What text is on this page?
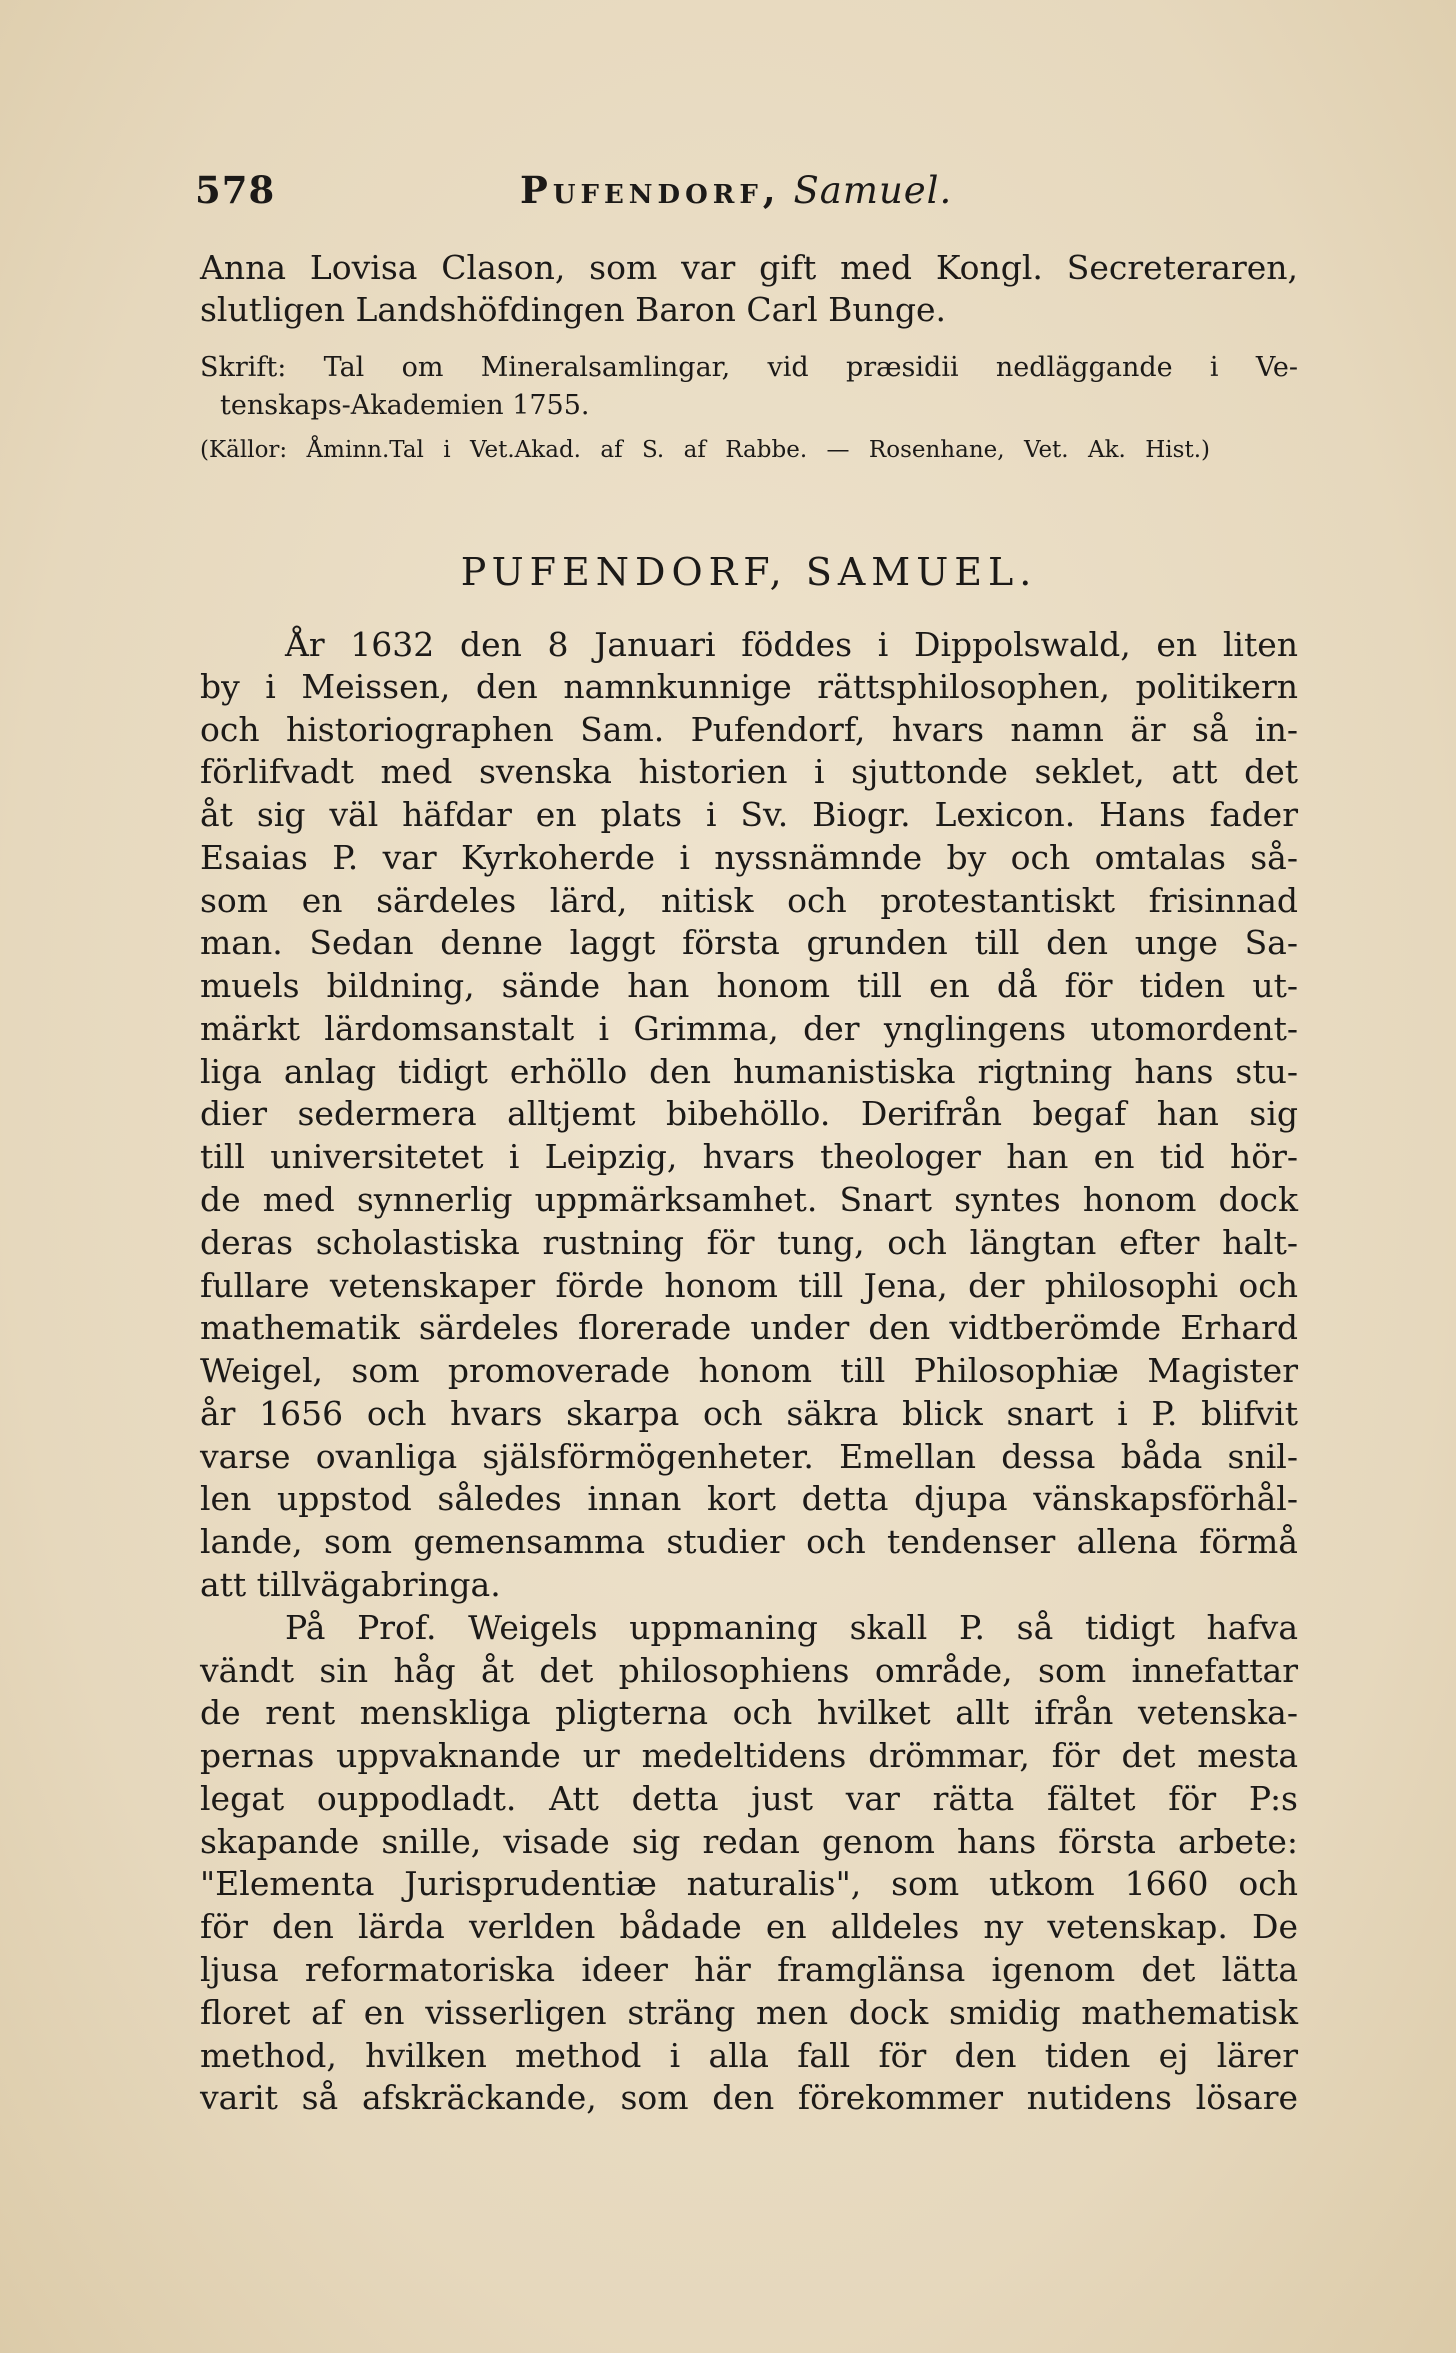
578	Pufendorf, Samuel.
Anna Lovisa Clason, som var gift med Kongl. Secreteraren,
slutligen Landshöfdingen Baron Carl Bunge.
Skrift: Tal om Mineralsamlingar, vid præsidii nedläggande i Ve-
tenskaps-Akademien 1755.
(Källor: Åminn.Tal i Vet.Akad. af S. af Rabbe. — Rosenhane, Vet. Ak. Hist.)
PUFENDORF, SAMUEL.
År 1632 den 8 Januari föddes i Dippolswald, en liten
by i Meissen, den namnkunnige rättsphilosophen, politikern
och historiographen Sam. Pufendorf, hvars namn är så in-
förlifvadt med svenska historien i sjuttonde seklet, att det
åt sig väl häfdar en plats i Sv. Biogr. Lexicon. Hans fader
Esaias P. var Kyrkoherde i nyssnämnde by och omtalas så-
som en särdeles lärd, nitisk och protestantiskt frisinnad
man. Sedan denne laggt första grunden till den unge Sa-
muels bildning, sände han honom till en då för tiden ut-
märkt lärdomsanstalt i Grimma, der ynglingens utomordent-
liga anlag tidigt erhöllo den humanistiska rigtning hans stu-
dier sedermera alltjemt bibehöllo. Derifrån begaf han sig
till universitetet i Leipzig, hvars theologer han en tid hör-
de med synnerlig uppmärksamhet. Snart syntes honom dock
deras scholastiska rustning för tung, och längtan efter halt-
fullare vetenskaper förde honom till Jena, der philosophi och
mathematik särdeles florerade under den vidtberömde Erhard
Weigel, som promoverade honom till Philosophiæ Magister
år 1656 och hvars skarpa och säkra blick snart i P. blifvit
varse ovanliga själsförmögenheter. Emellan dessa båda snil-
len uppstod således innan kort detta djupa vänskapsförhål-
lande, som gemensamma studier och tendenser allena förmå
att tillvägabringa.
På Prof. Weigels uppmaning skall P. så tidigt hafva
vändt sin håg åt det philosophiens område, som innefattar
de rent menskliga pligterna och hvilket allt ifrån vetenska-
pernas uppvaknande ur medeltidens drömmar, för det mesta
legat ouppodladt. Att detta just var rätta fältet för P:s
skapande snille, visade sig redan genom hans första arbete:
"Elementa Jurisprudentiæ naturalis", som utkom 1660 och
för den lärda verlden bådade en alldeles ny vetenskap. De
ljusa reformatoriska ideer här framglänsa igenom det lätta
floret af en visserligen sträng men dock smidig mathematisk
method, hvilken method i alla fall för den tiden ej lärer
varit så afskräckande, som den förekommer nutidens lösare
